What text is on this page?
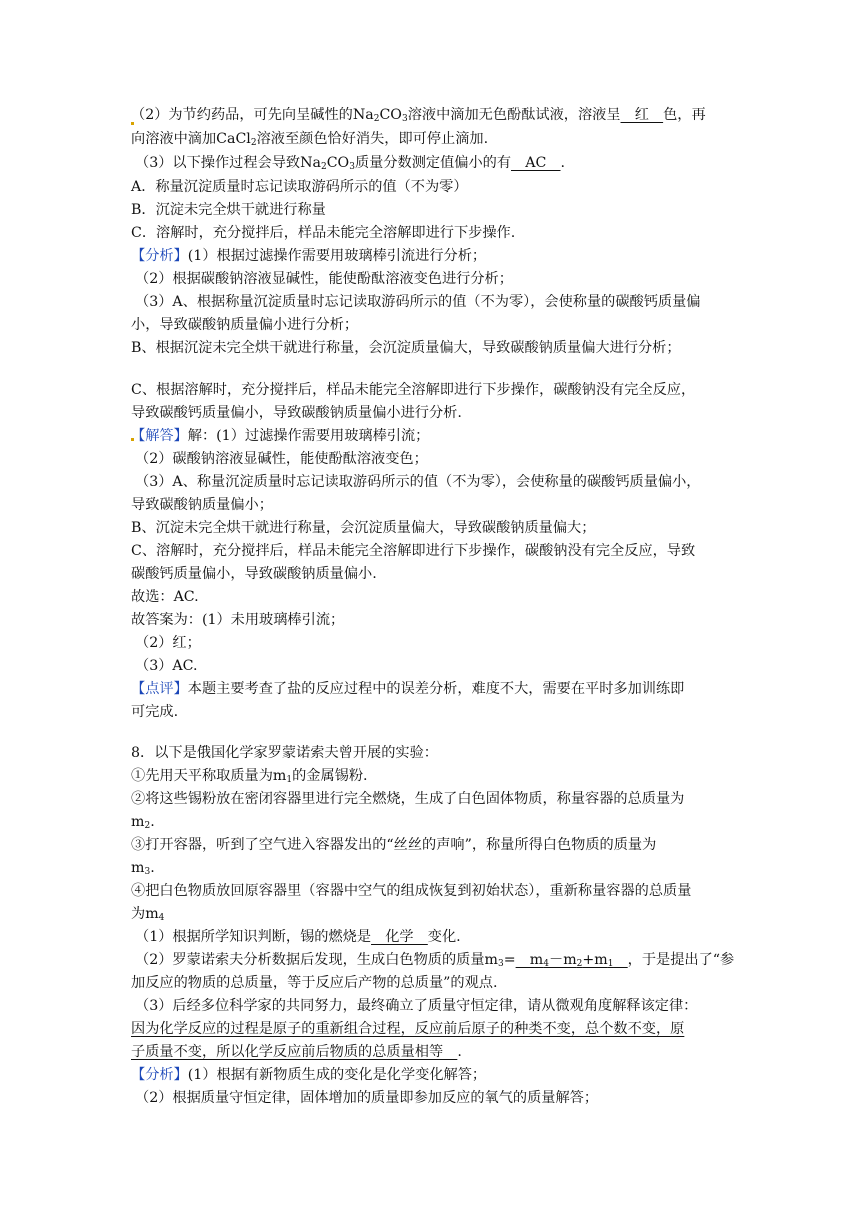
（2）为节约药品，可先向呈碱性的$Na_2CO_3$溶液中滴加无色酚酞试液，溶液呈　红　色，再
向溶液中滴加CaCl$_2$溶液至颜色恰好消失，即可停止滴加.
（3）以下操作过程会导致$Na_2CO_3$质量分数测定值偏小的有　AC　.
A．称量沉淀质量时忘记读取游码所示的值（不为零）
B．沉淀未完全烘干就进行称量
C．溶解时，充分搅拌后，样品未能完全溶解即进行下步操作.
【分析】(1）根据过滤操作需要用玻璃棒引流进行分析；
（2）根据碳酸钠溶液显碱性，能使酚酞溶液变色进行分析；
（3）A、根据称量沉淀质量时忘记读取游码所示的值（不为零），会使称量的碳酸钙质量偏
小，导致碳酸钠质量偏小进行分析；
B、根据沉淀未完全烘干就进行称量，会沉淀质量偏大，导致碳酸钠质量偏大进行分析；
C、根据溶解时，充分搅拌后，样品未能完全溶解即进行下步操作，碳酸钠没有完全反应，
导致碳酸钙质量偏小，导致碳酸钠质量偏小进行分析.
【解答】解：(1）过滤操作需要用玻璃棒引流；
（2）碳酸钠溶液显碱性，能使酚酞溶液变色；
（3）A、称量沉淀质量时忘记读取游码所示的值（不为零），会使称量的碳酸钙质量偏小，
导致碳酸钠质量偏小；
B、沉淀未完全烘干就进行称量，会沉淀质量偏大，导致碳酸钠质量偏大；
C、溶解时，充分搅拌后，样品未能完全溶解即进行下步操作，碳酸钠没有完全反应，导致
碳酸钙质量偏小，导致碳酸钠质量偏小.
故选：AC.
故答案为：(1）未用玻璃棒引流；
（2）红；
（3）AC.
【点评】本题主要考查了盐的反应过程中的误差分析，难度不大，需要在平时多加训练即
可完成.
8．以下是俄国化学家罗蒙诺索夫曾开展的实验：
①先用天平称取质量为$m_1$的金属锡粉.
②将这些锡粉放在密闭容器里进行完全燃烧，生成了白色固体物质，称量容器的总质量为
$m_2$.
③打开容器，听到了空气进入容器发出的“丝丝的声响”，称量所得白色物质的质量为
$m_3$.
④把白色物质放回原容器里（容器中空气的组成恢复到初始状态），重新称量容器的总质量
为$m_4$
（1）根据所学知识判断，锡的燃烧是　化学　变化.
（2）罗蒙诺索夫分析数据后发现，生成白色物质的质量$m_3=$　$m_4-m_2+m_1$　 ，于是提出了“参
加反应的物质的总质量，等于反应后产物的总质量”的观点.
（3）后经多位科学家的共同努力，最终确立了质量守恒定律，请从微观角度解释该定律：
因为化学反应的过程是原子的重新组合过程，反应前后原子的种类不变，总个数不变，原
子质量不变，所以化学反应前后物质的总质量相等　.
【分析】(1）根据有新物质生成的变化是化学变化解答；
（2）根据质量守恒定律，固体增加的质量即参加反应的氧气的质量解答；
